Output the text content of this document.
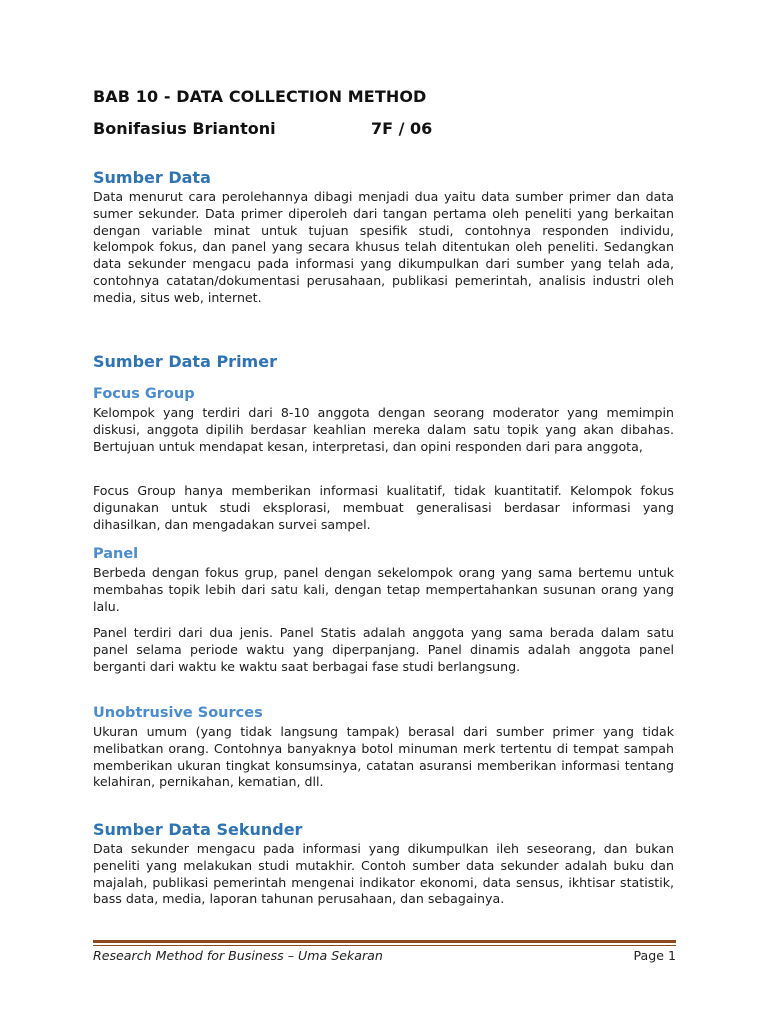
BAB 10 - DATA COLLECTION METHOD
Bonifasius Briantoni	7F / 06
Sumber Data

Data menurut cara perolehannya dibagi menjadi dua yaitu data sumber primer dan data sumer sekunder. Data primer diperoleh dari tangan pertama oleh peneliti yang berkaitan dengan variable minat untuk tujuan spesifik studi, contohnya responden individu, kelompok fokus, dan panel yang secara khusus telah ditentukan oleh peneliti. Sedangkan data sekunder mengacu pada informasi yang dikumpulkan dari sumber yang telah ada, contohnya catatan/dokumentasi perusahaan, publikasi pemerintah, analisis industri oleh media, situs web, internet.

Sumber Data Primer
Focus Group

Kelompok yang terdiri dari 8-10 anggota dengan seorang moderator yang memimpin diskusi, anggota dipilih berdasar keahlian mereka dalam satu topik yang akan dibahas. Bertujuan untuk mendapat kesan, interpretasi, dan opini responden dari para anggota,

Focus Group hanya memberikan informasi kualitatif, tidak kuantitatif. Kelompok fokus digunakan untuk studi eksplorasi, membuat generalisasi berdasar informasi yang dihasilkan, dan mengadakan survei sampel.

Panel

Berbeda dengan fokus grup, panel dengan sekelompok orang yang sama bertemu untuk membahas topik lebih dari satu kali, dengan tetap mempertahankan susunan orang yang lalu.

Panel terdiri dari dua jenis. Panel Statis adalah anggota yang sama berada dalam satu panel selama periode waktu yang diperpanjang. Panel dinamis adalah anggota panel berganti dari waktu ke waktu saat berbagai fase studi berlangsung.

Unobtrusive Sources

Ukuran umum (yang tidak langsung tampak) berasal dari sumber primer yang tidak melibatkan orang. Contohnya banyaknya botol minuman merk tertentu di tempat sampah memberikan ukuran tingkat konsumsinya, catatan asuransi memberikan informasi tentang kelahiran, pernikahan, kematian, dll.

Sumber Data Sekunder

Data sekunder mengacu pada informasi yang dikumpulkan ileh seseorang, dan bukan peneliti yang melakukan studi mutakhir. Contoh sumber data sekunder adalah buku dan majalah, publikasi pemerintah mengenai indikator ekonomi, data sensus, ikhtisar statistik, bass data, media, laporan tahunan perusahaan, dan sebagainya.

Research Method for Business – Uma Sekaran	Page 1
